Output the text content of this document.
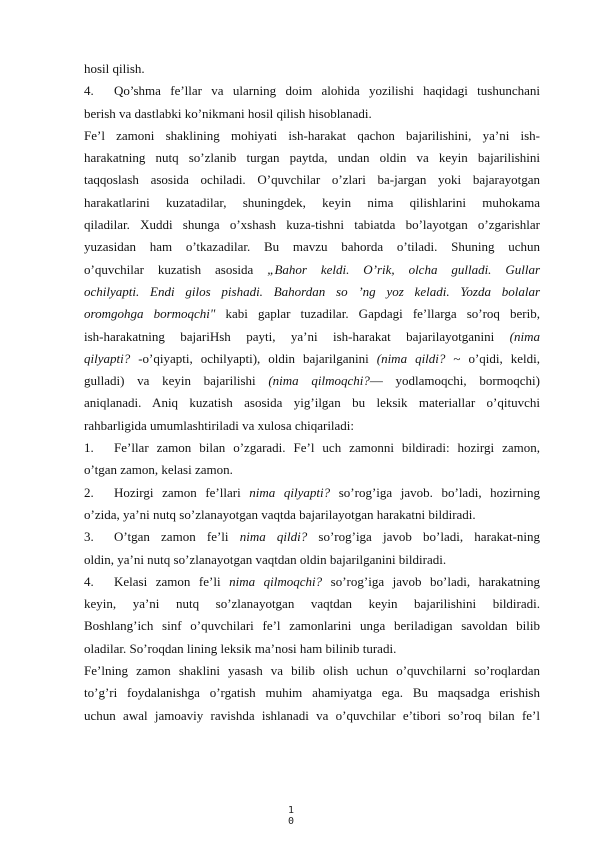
hosil qilish.
4. Qo’shma fe’llar va ularning doim alohida yozilishi haqidagi tushunchani
berish va dastlabki ko’nikmani hosil qilish hisoblanadi.
Fe’l zamoni shaklining mohiyati ish-harakat qachon bajarilishini, ya’ni ish-
harakatning nutq so’zlanib turgan paytda, undan oldin va keyin bajarilishini
taqqoslash asosida ochiladi. O’quvchilar o’zlari ba-jargan yoki bajarayotgan
harakatlarini kuzatadilar, shuningdek, keyin nima qilishlarini muhokama
qiladilar. Xuddi shunga o’xshash kuza-tishni tabiatda bo’layotgan o’zgarishlar
yuzasidan ham o’tkazadilar. Bu mavzu bahorda o’tiladi. Shuning uchun
o’quvchilar kuzatish asosida „Bahor keldi. O’rik, olcha gulladi. Gullar
ochilyapti. Endi gilos pishadi. Bahordan so ’ng yoz keladi. Yozda bolalar
oromgohga bormoqchi" kabi gaplar tuzadilar. Gapdagi fe’llarga so’roq berib,
ish-harakatning bajariHsh payti, ya’ni ish-harakat bajarilayotganini (nima
qilyapti? -o’qiyapti, ochilyapti), oldin bajarilganini (nima qildi? ~ o’qidi, keldi,
gulladi) va keyin bajarilishi (nima qilmoqchi?— yodlamoqchi, bormoqchi)
aniqlanadi. Aniq kuzatish asosida yig’ilgan bu leksik materiallar o’qituvchi
rahbarligida umumlashtiriladi va xulosa chiqariladi:
1. Fe’llar zamon bilan o’zgaradi. Fe’l uch zamonni bildiradi: hozirgi zamon,
o’tgan zamon, kelasi zamon.
2. Hozirgi zamon fe’llari nima qilyapti? so’rog’iga javob. bo’ladi, hozirning
o’zida, ya’ni nutq so’zlanayotgan vaqtda bajarilayotgan harakatni bildiradi.
3. O’tgan zamon fe’li nima qildi? so’rog’iga javob bo’ladi, harakat-ning
oldin, ya’ni nutq so’zlanayotgan vaqtdan oldin bajarilganini bildiradi.
4. Kelasi zamon fe’li nima qilmoqchi? so’rog’iga javob bo’ladi, harakatning
keyin, ya’ni nutq so’zlanayotgan vaqtdan keyin bajarilishini bildiradi.
Boshlang’ich sinf o’quvchilari fe’l zamonlarini unga beriladigan savoldan bilib
oladilar. So’roqdan lining leksik ma’nosi ham bilinib turadi.
Fe’lning zamon shaklini yasash va bilib olish uchun o’quvchilarni so’roqlardan
to’g’ri foydalanishga o’rgatish muhim ahamiyatga ega. Bu maqsadga erishish
uchun awal jamoaviy ravishda ishlanadi va o’quvchilar e’tibori so’roq bilan fe’l
1
0
